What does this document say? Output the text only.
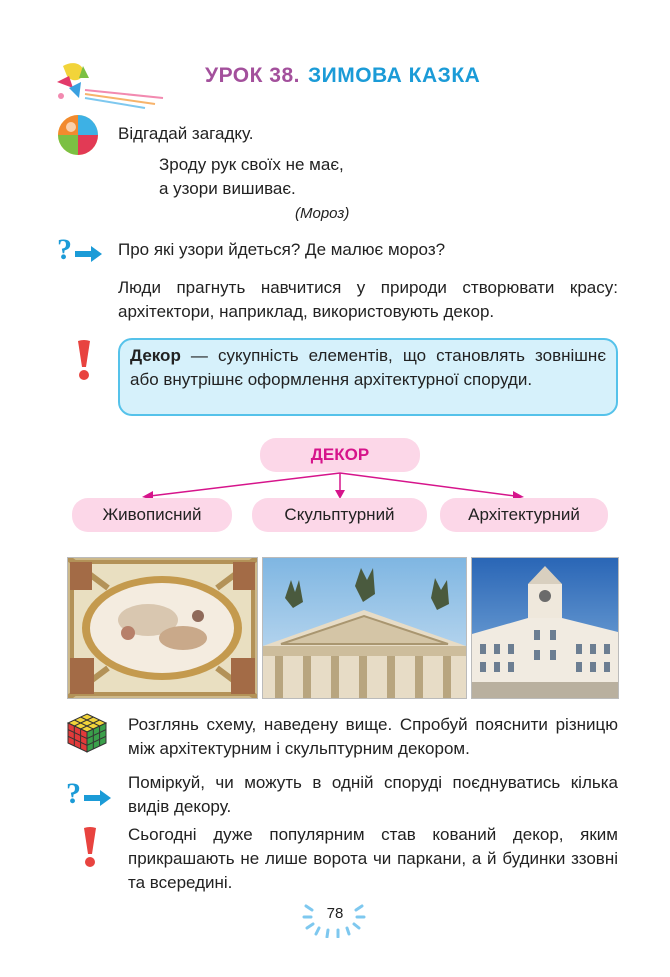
УРОК 38. ЗИМОВА КАЗКА
Відгадай загадку.
Зроду рук своїх не має,
а узори вишиває.
(Мороз)
?	Про які узори йдеться? Де малює мороз?
Люди прагнуть навчитися у природи створювати красу: архітектори, наприклад, використовують декор.
Декор — сукупність елементів, що становлять зовнішнє або внутрішнє оформлення архітектурної споруди.
ДЕКОР
Живописний	Скульптурний	Архітектурний
Розглянь схему, наведену вище. Спробуй пояснити різницю між архітектурним і скульптурним декором.
?	Поміркуй, чи можуть в одній споруді поєднуватись кілька видів декору.
Сьогодні дуже популярним став кований декор, яким прикрашають не лише ворота чи паркани, а й будинки ззовні та всередині.
78
